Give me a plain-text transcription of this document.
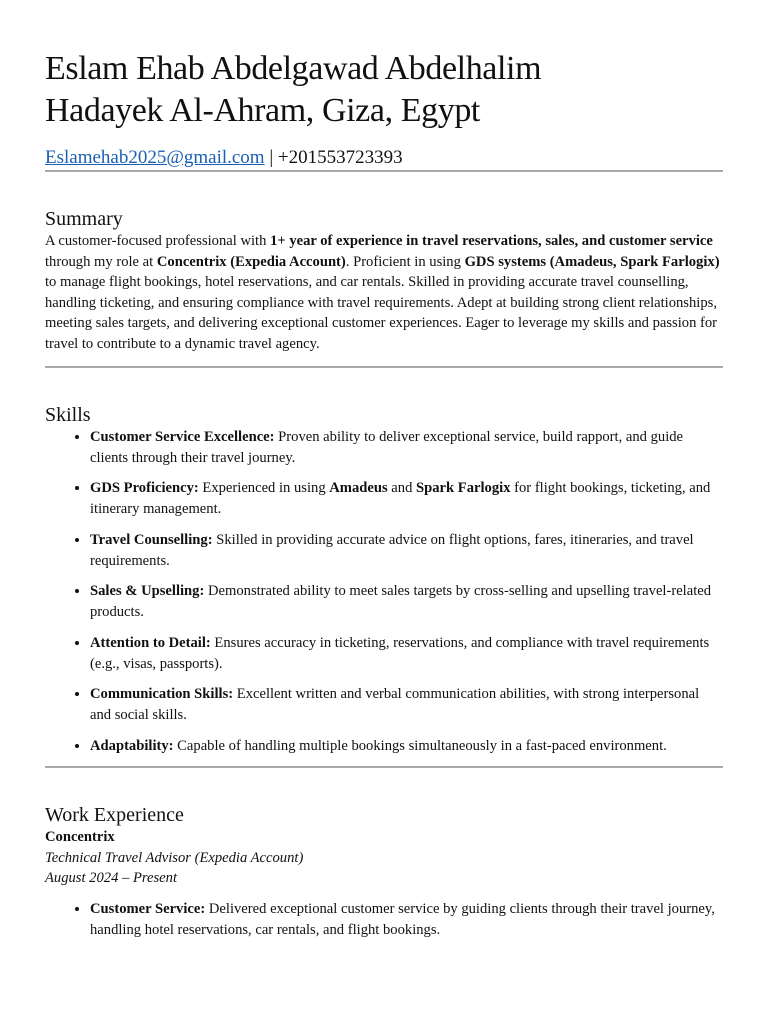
Eslam Ehab Abdelgawad Abdelhalim
Hadayek Al-Ahram, Giza, Egypt
Eslamehab2025@gmail.com | +201553723393
Summary

A customer-focused professional with 1+ year of experience in travel reservations, sales, and customer service through my role at Concentrix (Expedia Account). Proficient in using GDS systems (Amadeus, Spark Farlogix) to manage flight bookings, hotel reservations, and car rentals. Skilled in providing accurate travel counselling, handling ticketing, and ensuring compliance with travel requirements. Adept at building strong client relationships, meeting sales targets, and delivering exceptional customer experiences. Eager to leverage my skills and passion for travel to contribute to a dynamic travel agency.

Skills
• Customer Service Excellence: Proven ability to deliver exceptional service, build rapport, and guide clients through their travel journey.
• GDS Proficiency: Experienced in using Amadeus and Spark Farlogix for flight bookings, ticketing, and itinerary management.
• Travel Counselling: Skilled in providing accurate advice on flight options, fares, itineraries, and travel requirements.
• Sales & Upselling: Demonstrated ability to meet sales targets by cross-selling and upselling travel-related products.
• Attention to Detail: Ensures accuracy in ticketing, reservations, and compliance with travel requirements (e.g., visas, passports).
• Communication Skills: Excellent written and verbal communication abilities, with strong interpersonal and social skills.
• Adaptability: Capable of handling multiple bookings simultaneously in a fast-paced environment.
Work Experience

Concentrix

Technical Travel Advisor (Expedia Account)

August 2024 – Present

• Customer Service: Delivered exceptional customer service by guiding clients through their travel journey, handling hotel reservations, car rentals, and flight bookings.
